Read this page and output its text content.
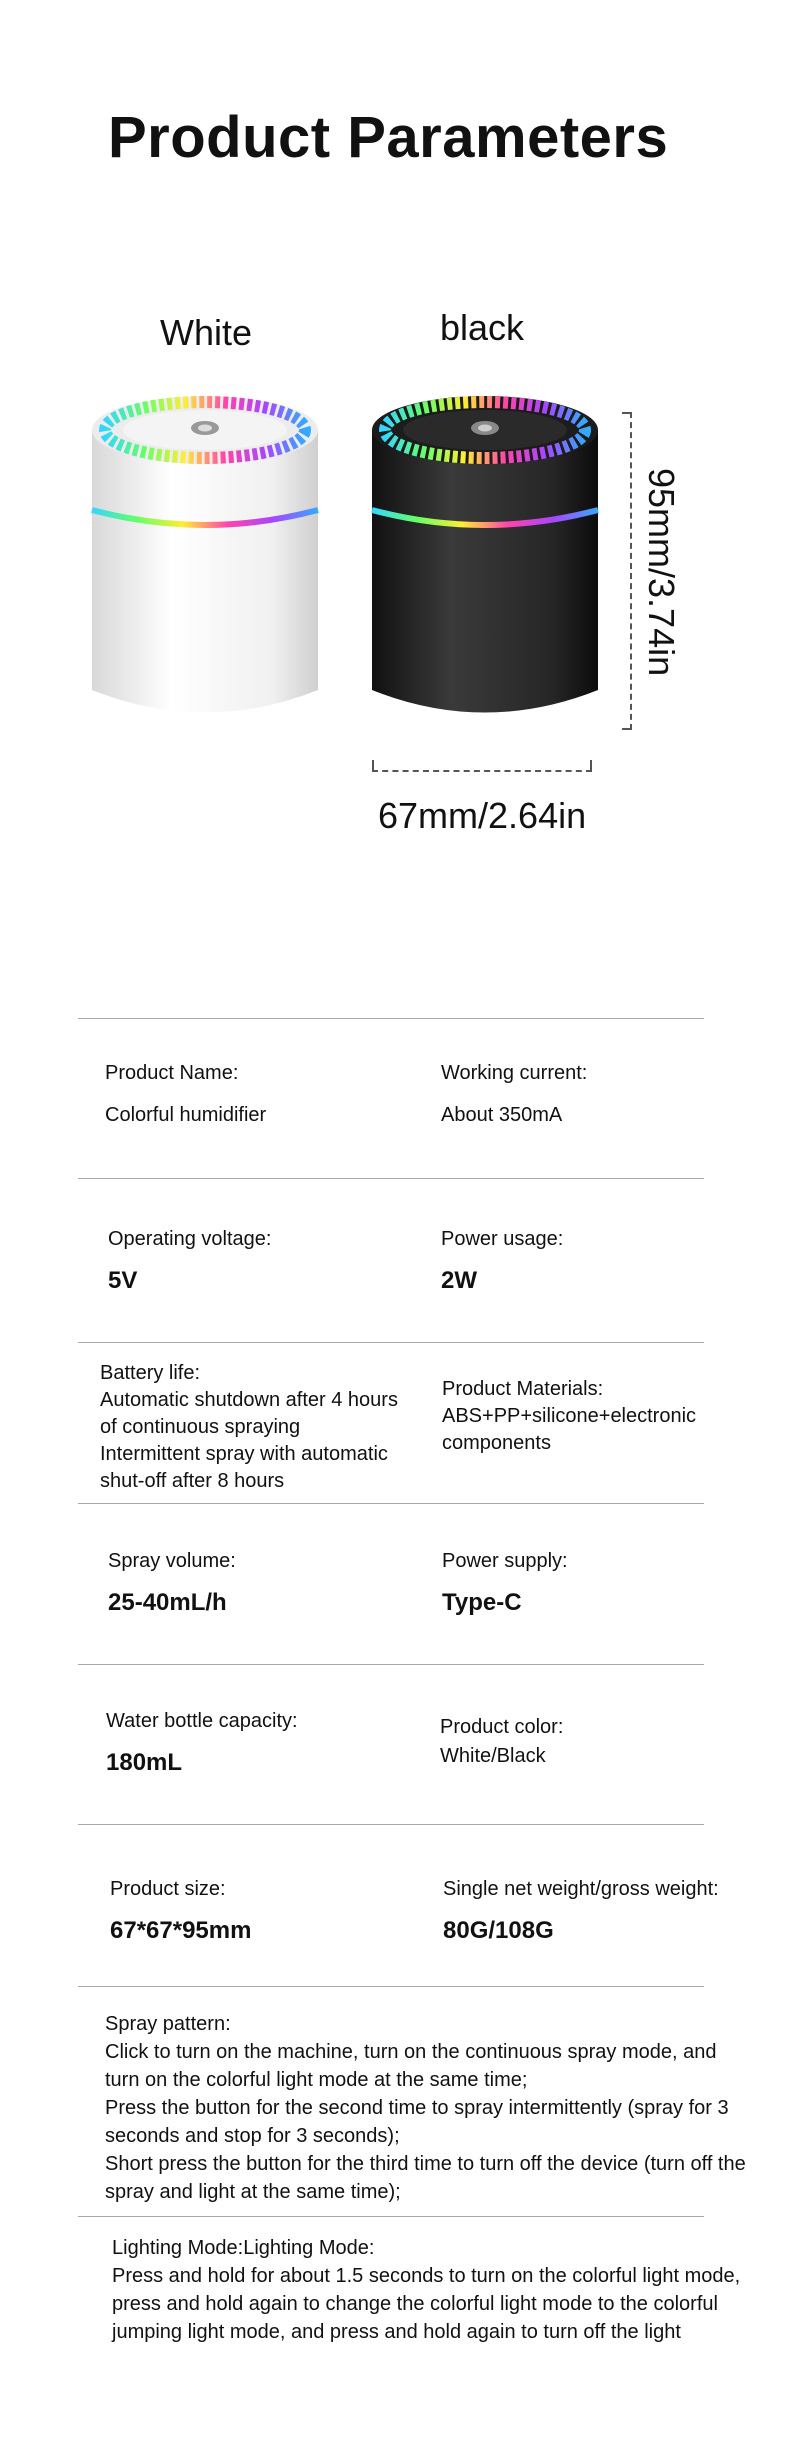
Product Parameters
White	black
67mm/2.64in
95mm/3.74in
Product Name:
Colorful humidifier
Working current:
About 350mA
Operating voltage:
5V
Power usage:
2W
Battery life:
Automatic shutdown after 4 hours of continuous spraying
Intermittent spray with automatic shut-off after 8 hours
Product Materials:
ABS+PP+silicone+electronic components
Spray volume:
25-40mL/h
Power supply:
Type-C
Water bottle capacity:
180mL
Product color:
White/Black
Product size:
67*67*95mm
Single net weight/gross weight:
80G/108G
Spray pattern:
Click to turn on the machine, turn on the continuous spray mode, and turn on the colorful light mode at the same time;
Press the button for the second time to spray intermittently (spray for 3 seconds and stop for 3 seconds);
Short press the button for the third time to turn off the device (turn off the spray and light at the same time);
Lighting Mode:Lighting Mode:
Press and hold for about 1.5 seconds to turn on the colorful light mode, press and hold again to change the colorful light mode to the colorful jumping light mode, and press and hold again to turn off the light
